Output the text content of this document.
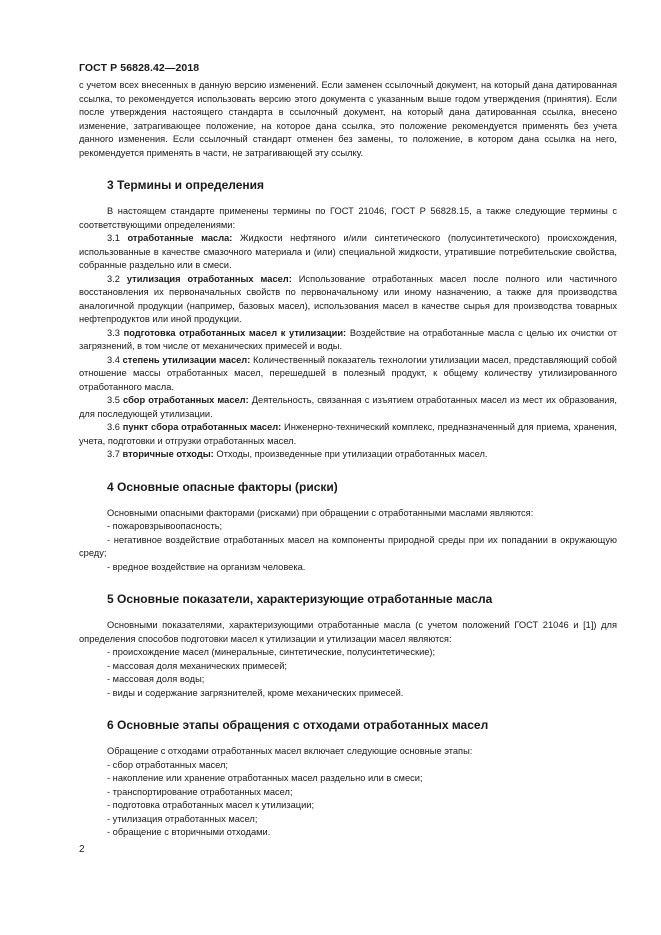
ГОСТ Р 56828.42—2018

с учетом всех внесенных в данную версию изменений. Если заменен ссылочный документ, на который дана датированная ссылка, то рекомендуется использовать версию этого документа с указанным выше годом утверждения (принятия). Если после утверждения настоящего стандарта в ссылочный документ, на который дана датированная ссылка, внесено изменение, затрагивающее положение, на которое дана ссылка, это положение рекомендуется применять без учета данного изменения. Если ссылочный стандарт отменен без замены, то положение, в котором дана ссылка на него, рекомендуется применять в части, не затрагивающей эту ссылку.

3 Термины и определения

В настоящем стандарте применены термины по ГОСТ 21046, ГОСТ Р 56828.15, а также следующие термины с соответствующими определениями:

3.1 отработанные масла: Жидкости нефтяного и/или синтетического (полусинтетического) происхождения, использованные в качестве смазочного материала и (или) специальной жидкости, утратившие потребительские свойства, собранные раздельно или в смеси.

3.2 утилизация отработанных масел: Использование отработанных масел после полного или частичного восстановления их первоначальных свойств по первоначальному или иному назначению, а также для производства аналогичной продукции (например, базовых масел), использования масел в качестве сырья для производства товарных нефтепродуктов или иной продукции.

3.3 подготовка отработанных масел к утилизации: Воздействие на отработанные масла с целью их очистки от загрязнений, в том числе от механических примесей и воды.

3.4 степень утилизации масел: Количественный показатель технологии утилизации масел, представляющий собой отношение массы отработанных масел, перешедшей в полезный продукт, к общему количеству утилизированного отработанного масла.

3.5 сбор отработанных масел: Деятельность, связанная с изъятием отработанных масел из мест их образования, для последующей утилизации.

3.6 пункт сбора отработанных масел: Инженерно-технический комплекс, предназначенный для приема, хранения, учета, подготовки и отгрузки отработанных масел.

3.7 вторичные отходы: Отходы, произведенные при утилизации отработанных масел.

4 Основные опасные факторы (риски)

Основными опасными факторами (рисками) при обращении с отработанными маслами являются:

- пожаровзрывоопасность;
- негативное воздействие отработанных масел на компоненты природной среды при их попадании в окружающую среду;
- вредное воздействие на организм человека.
5 Основные показатели, характеризующие отработанные масла

Основными показателями, характеризующими отработанные масла (с учетом положений ГОСТ 21046 и [1]) для определения способов подготовки масел к утилизации и утилизации масел являются:

- происхождение масел (минеральные, синтетические, полусинтетические);
- массовая доля механических примесей;
- массовая доля воды;
- виды и содержание загрязнителей, кроме механических примесей.
6 Основные этапы обращения с отходами отработанных масел

Обращение с отходами отработанных масел включает следующие основные этапы:

- сбор отработанных масел;
- накопление или хранение отработанных масел раздельно или в смеси;
- транспортирование отработанных масел;
- подготовка отработанных масел к утилизации;
- утилизация отработанных масел;
- обращение с вторичными отходами.
2
